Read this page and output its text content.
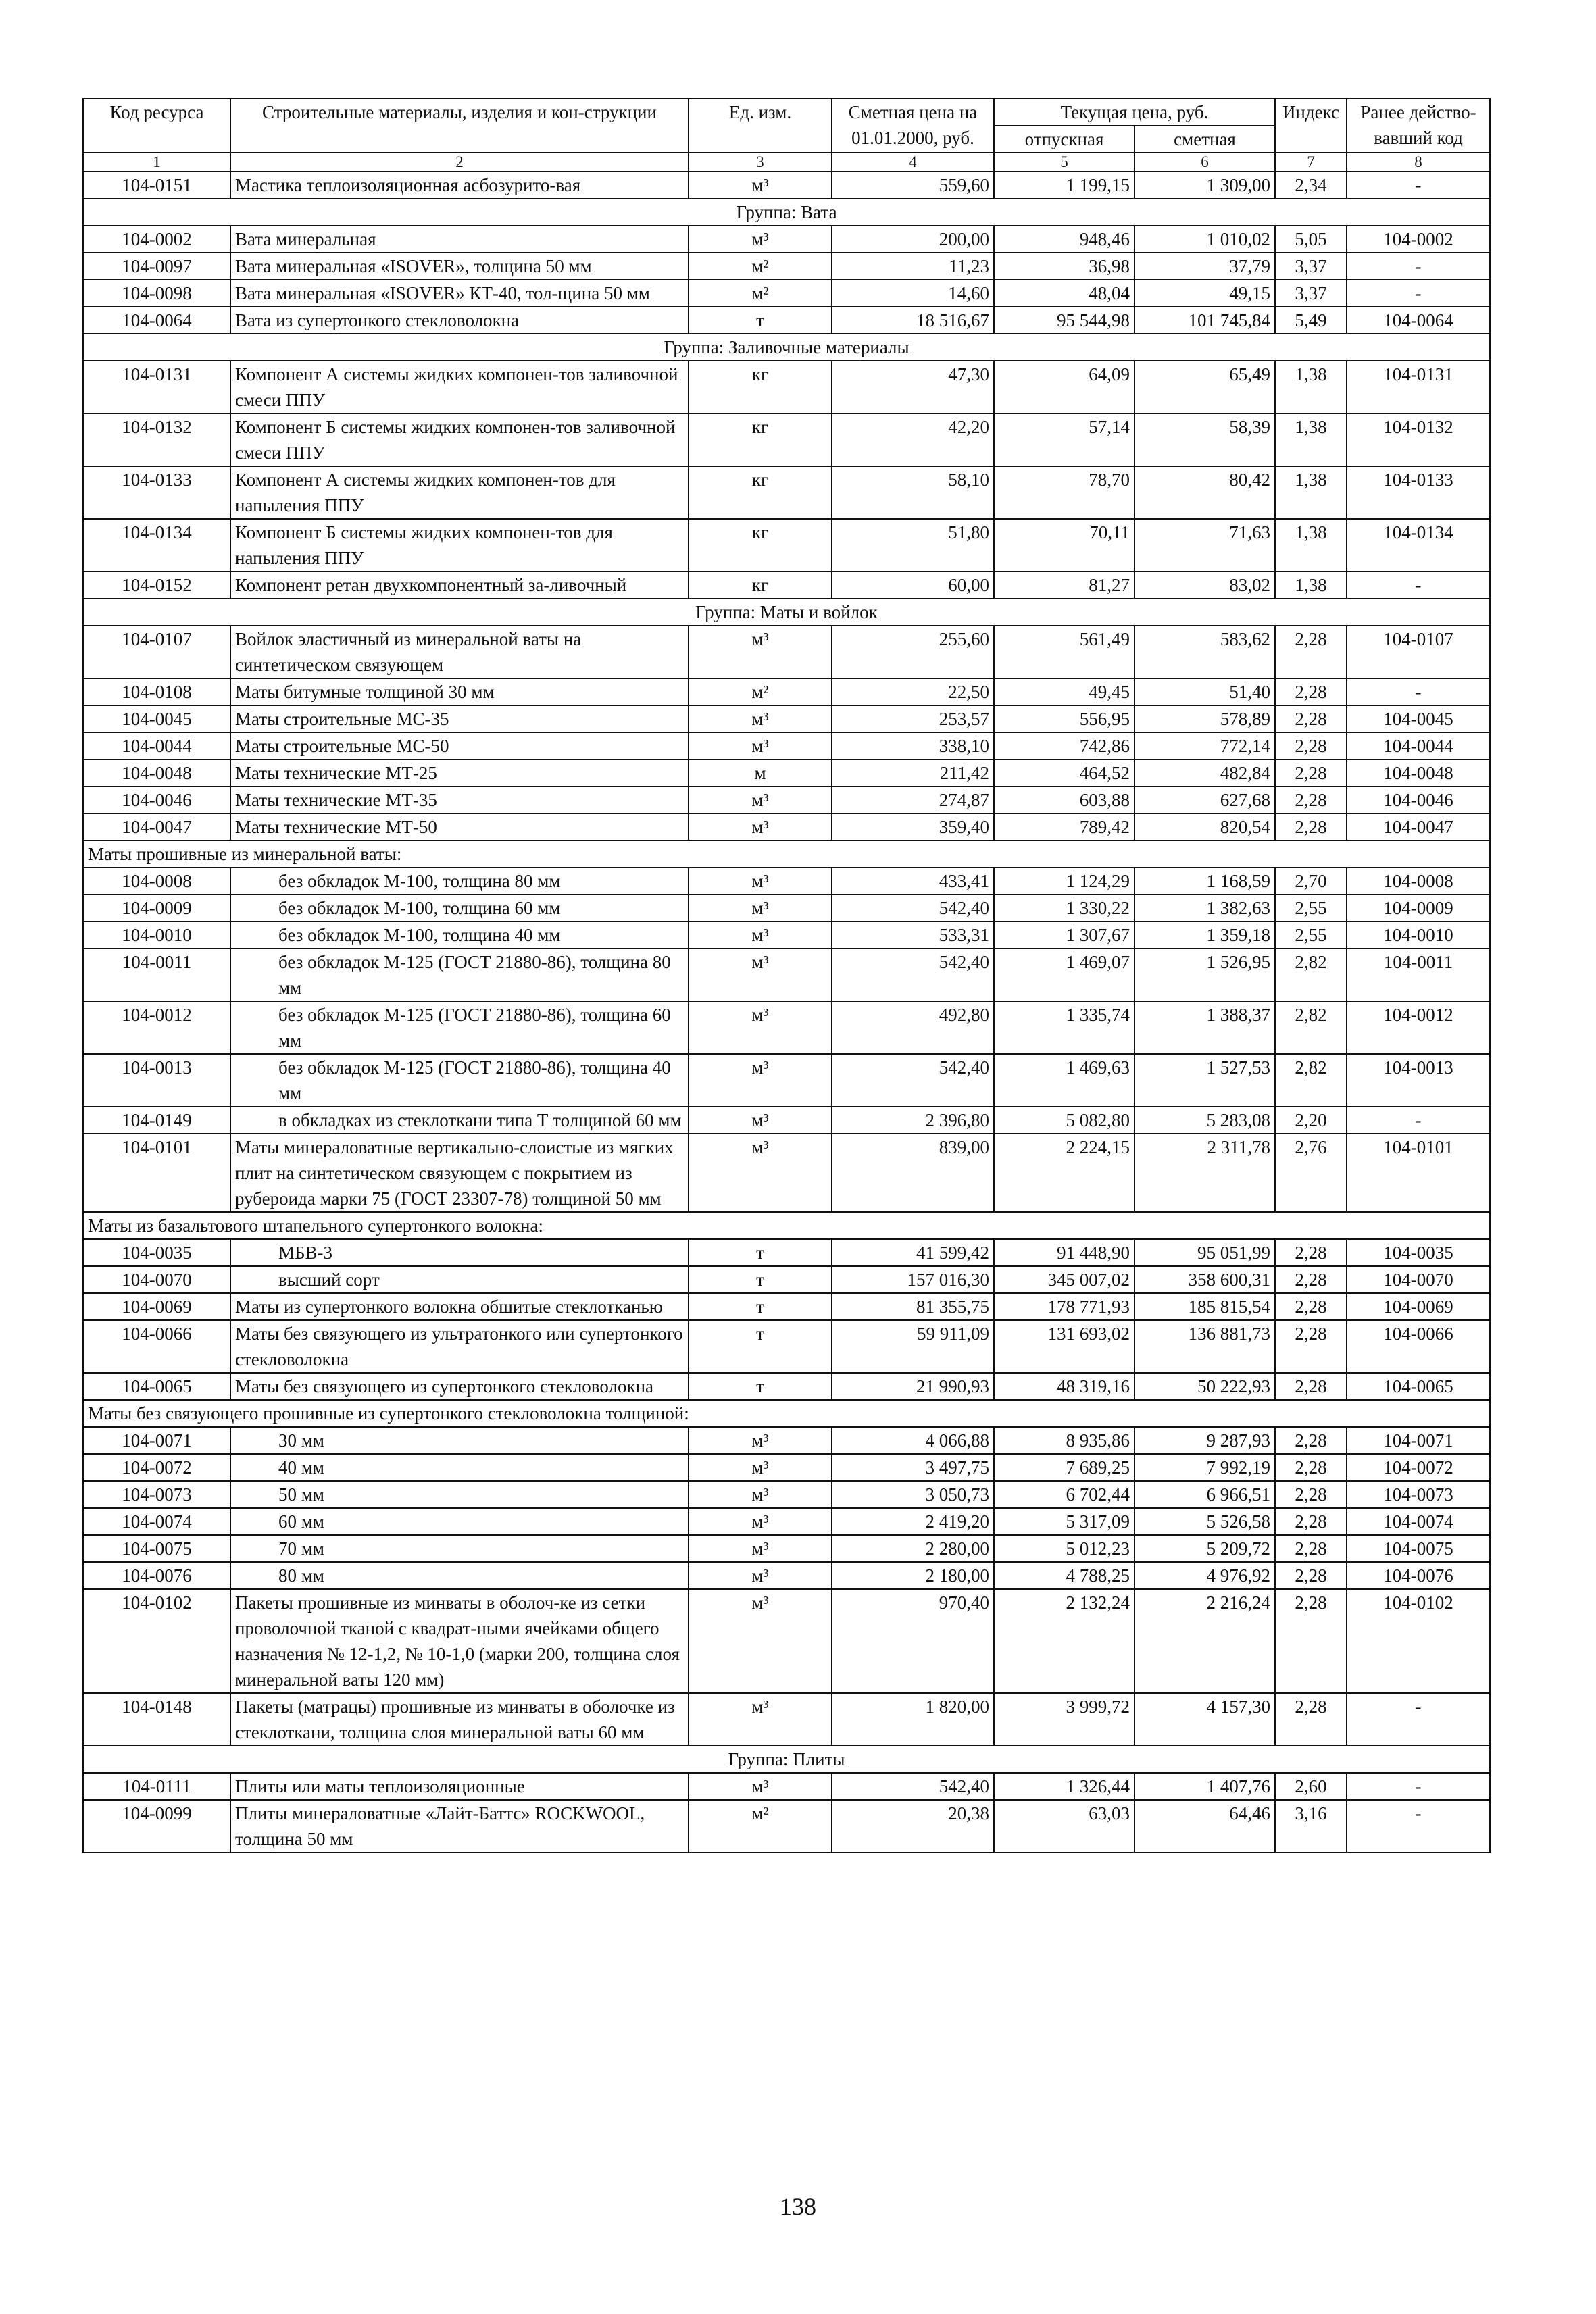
Код ресурса	Строительные материалы, изделия и кон-струкции	Ед. изм.	Сметная цена на 01.01.2000, руб.	Текущая цена, руб.		Индекс	Ранее действо-вавший код
				отпускная	сметная		
1	2	3	4	5	6	7	8
104-0151	Мастика теплоизоляционная асбозурито-вая	м³	559,60	1 199,15	1 309,00	2,34	-
Группа: Вата							
104-0002	Вата минеральная	м³	200,00	948,46	1 010,02	5,05	104-0002
104-0097	Вата минеральная «ISOVER», толщина 50 мм	м²	11,23	36,98	37,79	3,37	-
104-0098	Вата минеральная «ISOVER» КТ-40, тол-щина 50 мм	м²	14,60	48,04	49,15	3,37	-
104-0064	Вата из супертонкого стекловолокна	т	18 516,67	95 544,98	101 745,84	5,49	104-0064
Группа: Заливочные материалы							
104-0131	Компонент А системы жидких компонен-тов заливочной смеси ППУ	кг	47,30	64,09	65,49	1,38	104-0131
104-0132	Компонент Б системы жидких компонен-тов заливочной смеси ППУ	кг	42,20	57,14	58,39	1,38	104-0132
104-0133	Компонент А системы жидких компонен-тов для напыления ППУ	кг	58,10	78,70	80,42	1,38	104-0133
104-0134	Компонент Б системы жидких компонен-тов для напыления ППУ	кг	51,80	70,11	71,63	1,38	104-0134
104-0152	Компонент ретан двухкомпонентный за-ливочный	кг	60,00	81,27	83,02	1,38	-
Группа: Маты и войлок							
104-0107	Войлок эластичный из минеральной ваты на синтетическом связующем	м³	255,60	561,49	583,62	2,28	104-0107
104-0108	Маты битумные толщиной 30 мм	м²	22,50	49,45	51,40	2,28	-
104-0045	Маты строительные МС-35	м³	253,57	556,95	578,89	2,28	104-0045
104-0044	Маты строительные МС-50	м³	338,10	742,86	772,14	2,28	104-0044
104-0048	Маты технические МТ-25	м	211,42	464,52	482,84	2,28	104-0048
104-0046	Маты технические МТ-35	м³	274,87	603,88	627,68	2,28	104-0046
104-0047	Маты технические МТ-50	м³	359,40	789,42	820,54	2,28	104-0047
Маты прошивные из минеральной ваты:							
104-0008	без обкладок М-100, толщина 80 мм	м³	433,41	1 124,29	1 168,59	2,70	104-0008
104-0009	без обкладок М-100, толщина 60 мм	м³	542,40	1 330,22	1 382,63	2,55	104-0009
104-0010	без обкладок М-100, толщина 40 мм	м³	533,31	1 307,67	1 359,18	2,55	104-0010
104-0011	без обкладок М-125 (ГОСТ 21880-86), толщина 80 мм	м³	542,40	1 469,07	1 526,95	2,82	104-0011
104-0012	без обкладок М-125 (ГОСТ 21880-86), толщина 60 мм	м³	492,80	1 335,74	1 388,37	2,82	104-0012
104-0013	без обкладок М-125 (ГОСТ 21880-86), толщина 40 мм	м³	542,40	1 469,63	1 527,53	2,82	104-0013
104-0149	в обкладках из стеклоткани типа Т толщиной 60 мм	м³	2 396,80	5 082,80	5 283,08	2,20	-
104-0101	Маты минераловатные вертикально-слоистые из мягких плит на синтетическом связующем с покрытием из рубероида марки 75 (ГОСТ 23307-78) толщиной 50 мм	м³	839,00	2 224,15	2 311,78	2,76	104-0101
Маты из базальтового штапельного супертонкого волокна:							
104-0035	МБВ-3	т	41 599,42	91 448,90	95 051,99	2,28	104-0035
104-0070	высший сорт	т	157 016,30	345 007,02	358 600,31	2,28	104-0070
104-0069	Маты из супертонкого волокна обшитые стеклотканью	т	81 355,75	178 771,93	185 815,54	2,28	104-0069
104-0066	Маты без связующего из ультратонкого или супертонкого стекловолокна	т	59 911,09	131 693,02	136 881,73	2,28	104-0066
104-0065	Маты без связующего из супертонкого стекловолокна	т	21 990,93	48 319,16	50 222,93	2,28	104-0065
Маты без связующего прошивные из супертонкого стекловолокна толщиной:							
104-0071	30 мм	м³	4 066,88	8 935,86	9 287,93	2,28	104-0071
104-0072	40 мм	м³	3 497,75	7 689,25	7 992,19	2,28	104-0072
104-0073	50 мм	м³	3 050,73	6 702,44	6 966,51	2,28	104-0073
104-0074	60 мм	м³	2 419,20	5 317,09	5 526,58	2,28	104-0074
104-0075	70 мм	м³	2 280,00	5 012,23	5 209,72	2,28	104-0075
104-0076	80 мм	м³	2 180,00	4 788,25	4 976,92	2,28	104-0076
104-0102	Пакеты прошивные из минваты в оболоч-ке из сетки проволочной тканой с квадрат-ными ячейками общего назначения № 12-1,2, № 10-1,0 (марки 200, толщина слоя минеральной ваты 120 мм)	м³	970,40	2 132,24	2 216,24	2,28	104-0102
104-0148	Пакеты (матрацы) прошивные из минваты в оболочке из стеклоткани, толщина слоя минеральной ваты 60 мм	м³	1 820,00	3 999,72	4 157,30	2,28	-
Группа: Плиты							
104-0111	Плиты или маты теплоизоляционные	м³	542,40	1 326,44	1 407,76	2,60	-
104-0099	Плиты минераловатные «Лайт-Баттс» ROCKWOOL, толщина 50 мм	м²	20,38	63,03	64,46	3,16	-
138
